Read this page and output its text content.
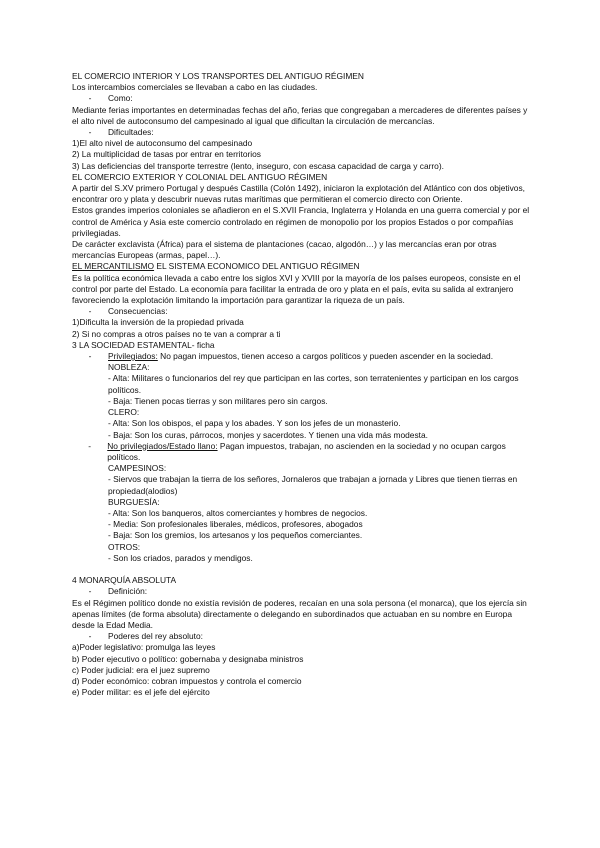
EL COMERCIO INTERIOR Y LOS TRANSPORTES DEL ANTIGUO RÉGIMEN
Los intercambios comerciales se llevaban a cabo en las ciudades.
-	Como:
Mediante ferias importantes en determinadas fechas del año, ferias que congregaban a mercaderes de diferentes países y el alto nivel de autoconsumo del campesinado al igual que dificultan la circulación de mercancías.
-	Dificultades:
1)El alto nivel de autoconsumo del campesinado
2) La multiplicidad de tasas por entrar en territorios
3) Las deficiencias del transporte terrestre (lento, inseguro, con escasa capacidad de carga y carro).
EL COMERCIO EXTERIOR Y COLONIAL DEL ANTIGUO RÉGIMEN
A partir del S.XV primero Portugal y después Castilla (Colón 1492), iniciaron la explotación del Atlántico con dos objetivos, encontrar oro y plata y descubrir nuevas rutas marítimas que permitieran el comercio directo con Oriente.
Estos grandes imperios coloniales se añadieron en el S.XVII Francia, Inglaterra y Holanda en una guerra comercial y por el control de América y Asia este comercio controlado en régimen de monopolio por los propios Estados o por compañías privilegiadas.
De carácter exclavista (África) para el sistema de plantaciones (cacao, algodón…) y las mercancías eran por otras mercancías Europeas (armas, papel…).
EL MERCANTILISMO EL SISTEMA ECONOMICO DEL ANTIGUO RÉGIMEN
Es la política económica llevada a cabo entre los siglos XVI y XVIII por la mayoría de los países europeos, consiste en el control por parte del Estado. La economía para facilitar la entrada de oro y plata en el país, evita su salida al extranjero favoreciendo la explotación limitando la importación para garantizar la riqueza de un país.
-	Consecuencias:
1)Dificulta la inversión de la propiedad privada
2) Si no compras a otros países no te van a comprar a ti
3 LA SOCIEDAD ESTAMENTAL- ficha
-	Privilegiados: No pagan impuestos, tienen acceso a cargos políticos y pueden ascender en la sociedad.
NOBLEZA:
- Alta: Militares o funcionarios del rey que participan en las cortes, son terratenientes y participan en los cargos políticos.
- Baja: Tienen pocas tierras y son militares pero sin cargos.
CLERO:
- Alta: Son los obispos, el papa y los abades. Y son los jefes de un monasterio.
- Baja: Son los curas, párrocos, monjes y sacerdotes. Y tienen una vida más modesta.
-	No privilegiados/Estado llano: Pagan impuestos, trabajan, no ascienden en la sociedad y no ocupan cargos políticos.
CAMPESINOS:
- Siervos que trabajan la tierra de los señores, Jornaleros que trabajan a jornada y Libres que tienen tierras en propiedad(alodios)
BURGUESÍA:
- Alta: Son los banqueros, altos comerciantes y hombres de negocios.
- Media: Son profesionales liberales, médicos, profesores, abogados
- Baja: Son los gremios, los artesanos y los pequeños comerciantes.
OTROS:
- Son los criados, parados y mendigos.
4 MONARQUÍA ABSOLUTA
-	Definición:
Es el Régimen político donde no existía revisión de poderes, recaían en una sola persona (el monarca), que los ejercía sin apenas límites (de forma absoluta) directamente o delegando en subordinados que actuaban en su nombre en Europa desde la Edad Media.
-	Poderes del rey absoluto:
a)Poder legislativo: promulga las leyes
b) Poder ejecutivo o político: gobernaba y designaba ministros
c) Poder judicial: era el juez supremo
d) Poder económico: cobran impuestos y controla el comercio
e) Poder militar: es el jefe del ejército
